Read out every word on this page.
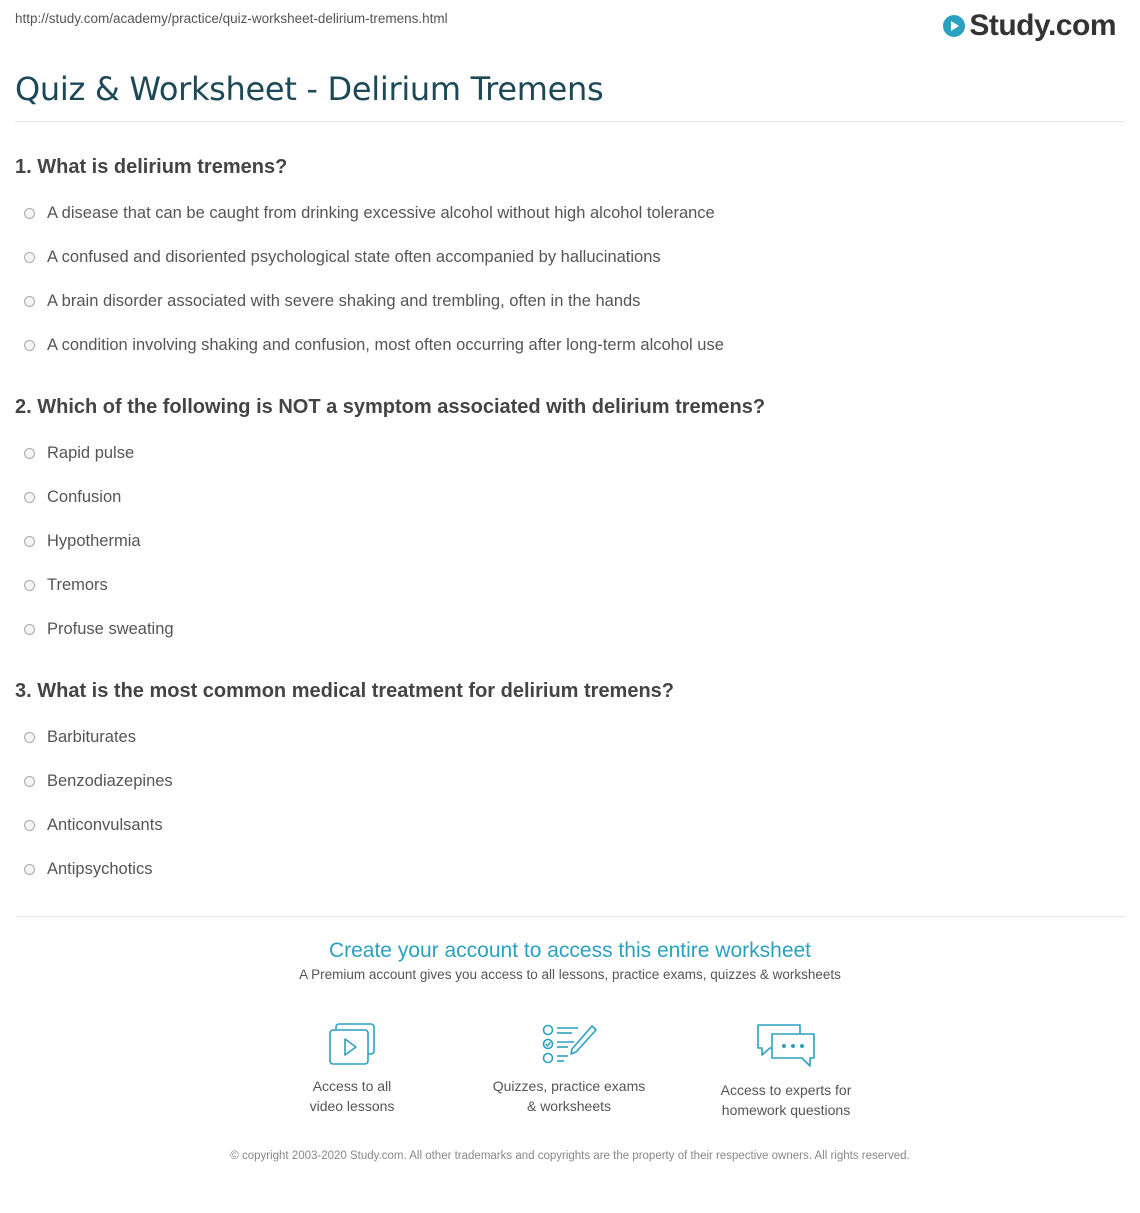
http://study.com/academy/practice/quiz-worksheet-delirium-tremens.html	Study.com
Quiz & Worksheet - Delirium Tremens

1. What is delirium tremens?

A disease that can be caught from drinking excessive alcohol without high alcohol tolerance
A confused and disoriented psychological state often accompanied by hallucinations
A brain disorder associated with severe shaking and trembling, often in the hands
A condition involving shaking and confusion, most often occurring after long-term alcohol use

2. Which of the following is NOT a symptom associated with delirium tremens?

Rapid pulse
Confusion
Hypothermia
Tremors
Profuse sweating

3. What is the most common medical treatment for delirium tremens?

Barbiturates
Benzodiazepines
Anticonvulsants
Antipsychotics

Create your account to access this entire worksheet

A Premium account gives you access to all lessons, practice exams, quizzes & worksheets
Access to all
video lessons
Quizzes, practice exams
& worksheets
Access to experts for
homework questions
© copyright 2003-2020 Study.com. All other trademarks and copyrights are the property of their respective owners. All rights reserved.
